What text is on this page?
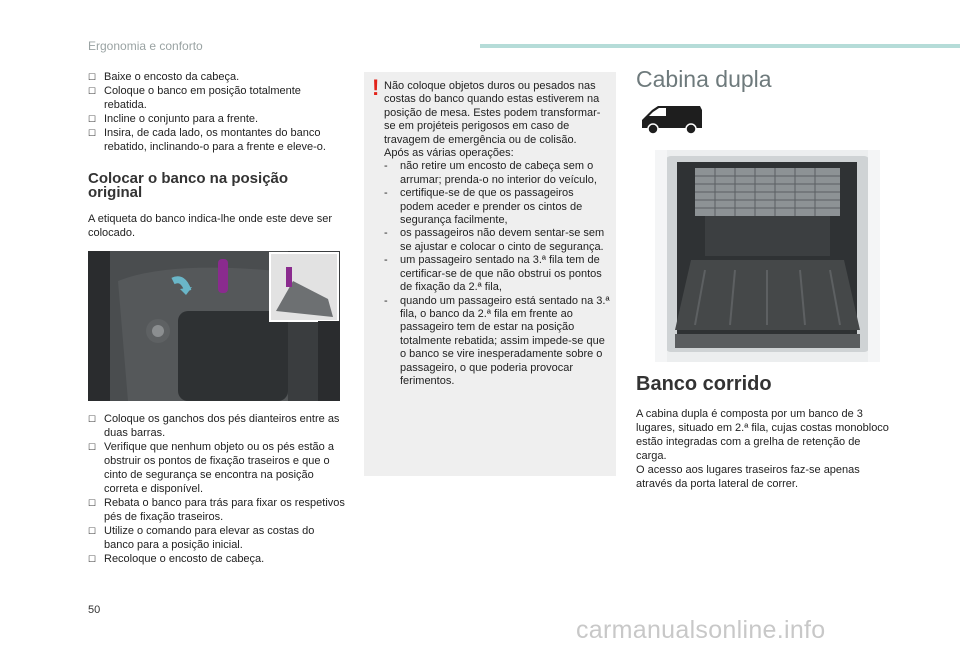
Ergonomia e conforto
☐ Baixe o encosto da cabeça.
☐ Coloque o banco em posição totalmente rebatida.
☐ Incline o conjunto para a frente.
☐ Insira, de cada lado, os montantes do banco rebatido, inclinando-o para a frente e eleve-o.
Colocar o banco na posição original
A etiqueta do banco indica-lhe onde este deve ser colocado.
☐ Coloque os ganchos dos pés dianteiros entre as duas barras.
☐ Verifique que nenhum objeto ou os pés estão a obstruir os pontos de fixação traseiros e que o cinto de segurança se encontra na posição correta e disponível.
☐ Rebata o banco para trás para fixar os respetivos pés de fixação traseiros.
☐ Utilize o comando para elevar as costas do banco para a posição inicial.
☐ Recoloque o encosto de cabeça.
! Não coloque objetos duros ou pesados nas costas do banco quando estas estiverem na posição de mesa. Estes podem transformar-se em projéteis perigosos em caso de travagem de emergência ou de colisão.
Após as várias operações:
- não retire um encosto de cabeça sem o arrumar; prenda-o no interior do veículo,
- certifique-se de que os passageiros podem aceder e prender os cintos de segurança facilmente,
- os passageiros não devem sentar-se sem se ajustar e colocar o cinto de segurança.
- um passageiro sentado na 3.ª fila tem de certificar-se de que não obstrui os pontos de fixação da 2.ª fila,
- quando um passageiro está sentado na 3.ª fila, o banco da 2.ª fila em frente ao passageiro tem de estar na posição totalmente rebatida; assim impede-se que o banco se vire inesperadamente sobre o passageiro, o que poderia provocar ferimentos.
Cabina dupla
Banco corrido
A cabina dupla é composta por um banco de 3 lugares, situado em 2.ª fila, cujas costas monobloco estão integradas com a grelha de retenção de carga.
O acesso aos lugares traseiros faz-se apenas através da porta lateral de correr.
50
carmanualsonline.info
